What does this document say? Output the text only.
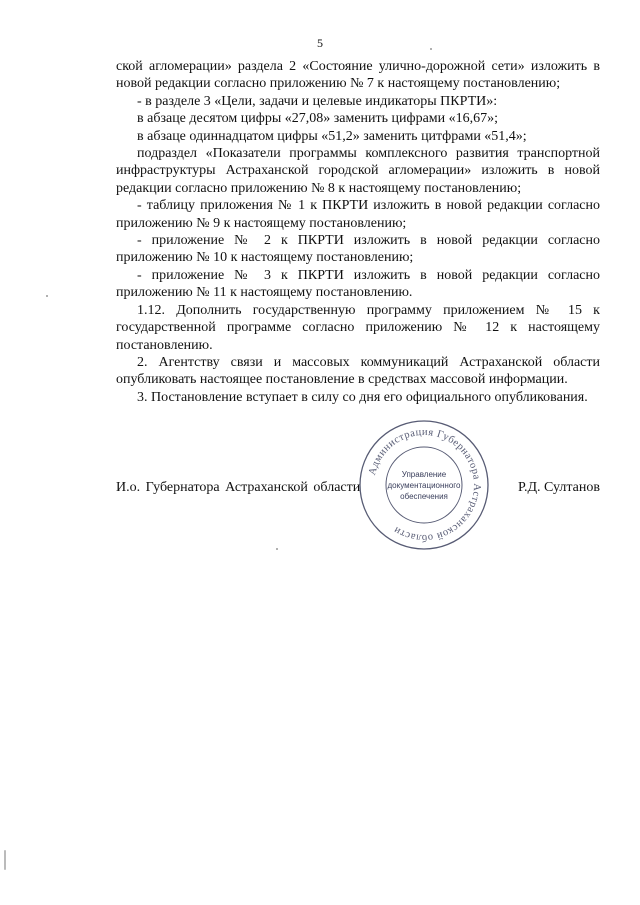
5

ской агломерации» раздела 2 «Состояние улично-дорожной сети» изложить в новой редакции согласно приложению № 7 к настоящему постановлению;

- в разделе 3 «Цели, задачи и целевые индикаторы ПКРТИ»:

в абзаце десятом цифры «27,08» заменить цифрами «16,67»;

в абзаце одиннадцатом цифры «51,2» заменить цитфрами «51,4»;

подраздел «Показатели программы комплексного развития транспортной инфраструктуры Астраханской городской агломерации» изложить в новой редакции согласно приложению № 8 к настоящему постановлению;

- таблицу приложения № 1 к ПКРТИ изложить в новой редакции согласно приложению № 9 к настоящему постановлению;

- приложение № 2 к ПКРТИ изложить в новой редакции согласно приложению № 10 к настоящему постановлению;

- приложение № 3 к ПКРТИ изложить в новой редакции согласно приложению № 11 к настоящему постановлению.

1.12. Дополнить государственную программу приложением № 15 к государственной программе согласно приложению № 12 к настоящему постановлению.

2. Агентству связи и массовых коммуникаций Астраханской области опубликовать настоящее постановление в средствах массовой информации.

3. Постановление вступает в силу со дня его официального опубликования.

И.о. Губернатора Астраханской области	Р.Д. Султанов
Администрация Губернатора Астраханской области
Управление
документационного
обеспечения
